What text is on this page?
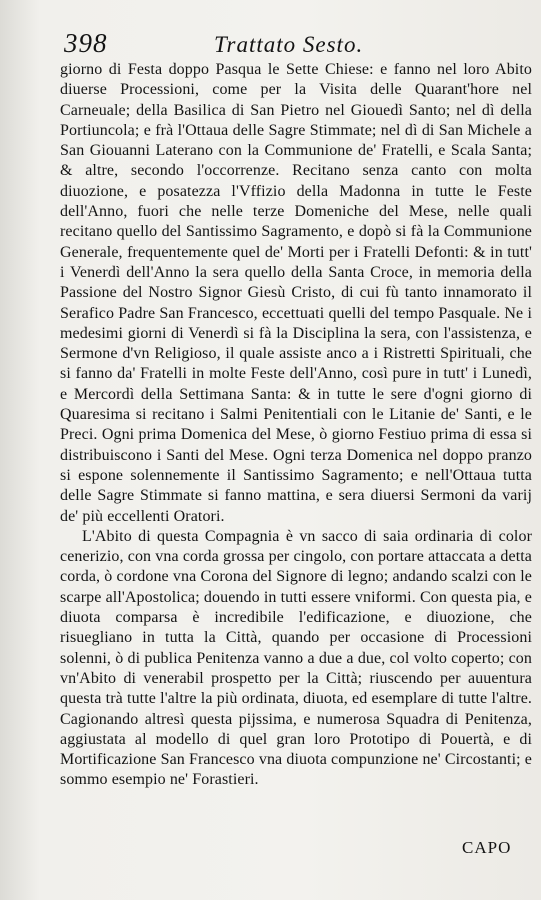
398	Trattato Sesto.

giorno di Festa doppo Pasqua le Sette Chiese: e fanno nel loro Abito diuerse Processioni, come per la Visita delle Quarant'hore nel Carneuale; della Basilica di San Pietro nel Giouedì Santo; nel dì della Portiuncola; e frà l'Ottaua delle Sagre Stimmate; nel dì di San Michele a San Giouanni Laterano con la Communione de' Fratelli, e Scala Santa; & altre, secondo l'occorrenze. Recitano senza canto con molta diuozione, e posatezza l'Vffizio della Madonna in tutte le Feste dell'Anno, fuori che nelle terze Domeniche del Mese, nelle quali recitano quello del Santissimo Sagramento, e dopò si fà la Communione Generale, frequentemente quel de' Morti per i Fratelli Defonti: & in tutt' i Venerdì dell'Anno la sera quello della Santa Croce, in memoria della Passione del Nostro Signor Giesù Cristo, di cui fù tanto innamorato il Serafico Padre San Francesco, eccettuati quelli del tempo Pasquale. Ne i medesimi giorni di Venerdì si fà la Disciplina la sera, con l'assistenza, e Sermone d'vn Religioso, il quale assiste anco a i Ristretti Spirituali, che si fanno da' Fratelli in molte Feste dell'Anno, così pure in tutt' i Lunedì, e Mercordì della Settimana Santa: & in tutte le sere d'ogni giorno di Quaresima si recitano i Salmi Penitentiali con le Litanie de' Santi, e le Preci. Ogni prima Domenica del Mese, ò giorno Festiuo prima di essa si distribuiscono i Santi del Mese. Ogni terza Domenica nel doppo pranzo si espone solennemente il Santissimo Sagramento; e nell'Ottaua tutta delle Sagre Stimmate si fanno mattina, e sera diuersi Sermoni da varij de' più eccellenti Oratori.

L'Abito di questa Compagnia è vn sacco di saia ordinaria di color cenerizio, con vna corda grossa per cingolo, con portare attaccata a detta corda, ò cordone vna Corona del Signore di legno; andando scalzi con le scarpe all'Apostolica; douendo in tutti essere vniformi. Con questa pia, e diuota comparsa è incredibile l'edificazione, e diuozione, che risuegliano in tutta la Città, quando per occasione di Processioni solenni, ò di publica Penitenza vanno a due a due, col volto coperto; con vn'Abito di venerabil prospetto per la Città; riuscendo per auuentura questa trà tutte l'altre la più ordinata, diuota, ed esemplare di tutte l'altre. Cagionando altresì questa pijssima, e numerosa Squadra di Penitenza, aggiustata al modello di quel gran loro Prototipo di Pouertà, e di Mortificazione San Francesco vna diuota compunzione ne' Circostanti; e sommo esempio ne' Forastieri.

CAPO
